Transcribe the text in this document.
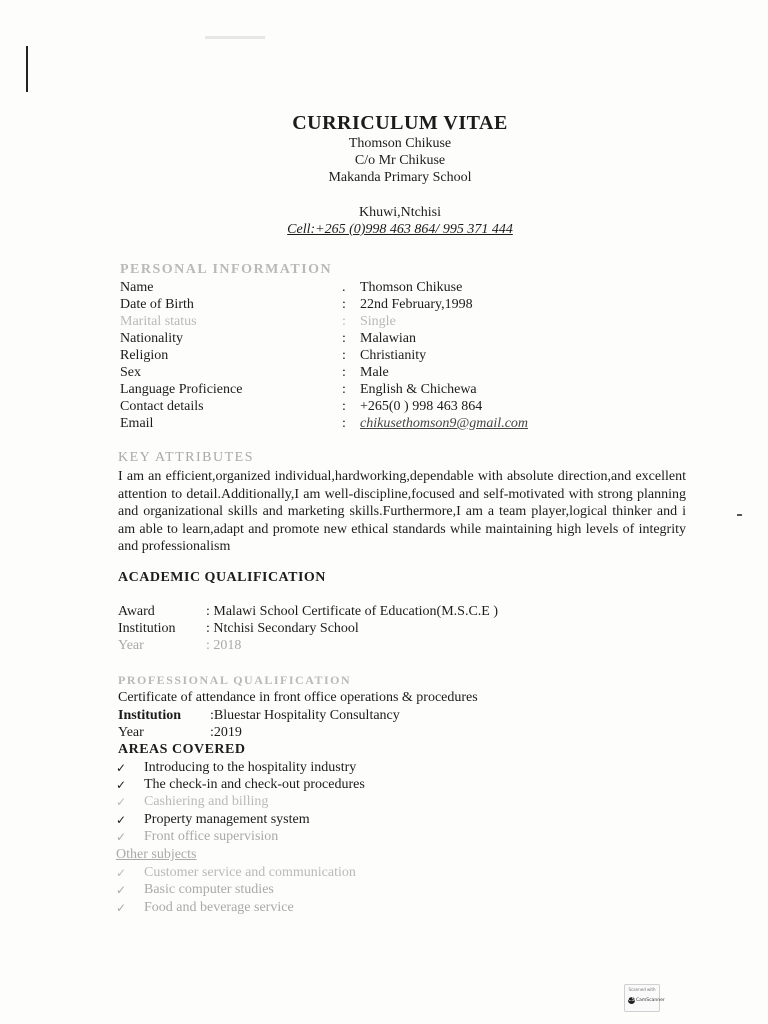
CURRICULUM VITAE
Thomson Chikuse
C/o Mr Chikuse
Makanda Primary School
Khuwi,Ntchisi
Cell:+265 (0)998 463 864/ 995 371 444
PERSONAL INFORMATION
Name	. Thomson Chikuse
Date of Birth	: 22nd February,1998
Marital status	: Single
Nationality	: Malawian
Religion	: Christianity
Sex	: Male
Language Proficience	: English & Chichewa
Contact details	: +265(0 ) 998 463 864
Email	: chikusethomson9@gmail.com
KEY ATTRIBUTES

I am an efficient,organized individual,hardworking,dependable with absolute direction,and excellent attention to detail.Additionally,I am well-discipline,focused and self-motivated with strong planning and organizational skills and marketing skills.Furthermore,I am a team player,logical thinker and i am able to learn,adapt and promote new ethical standards while maintaining high levels of integrity and professionalism

ACADEMIC QUALIFICATION
Award	: Malawi School Certificate of Education(M.S.C.E )
Institution : Ntchisi Secondary School
Year	: 2018
PROFESSIONAL QUALIFICATION
Certificate of attendance in front office operations & procedures
Institution :Bluestar Hospitality Consultancy
Year	:2019
AREAS COVERED
✓	Introducing to the hospitality industry
✓	The check-in and check-out procedures
✓	Cashiering and billing
✓	Property management system
✓	Front office supervision
Other subjects
✓	Customer service and communication
✓	Basic computer studies
✓	Food and beverage service
Scanned with
CS CamScanner
